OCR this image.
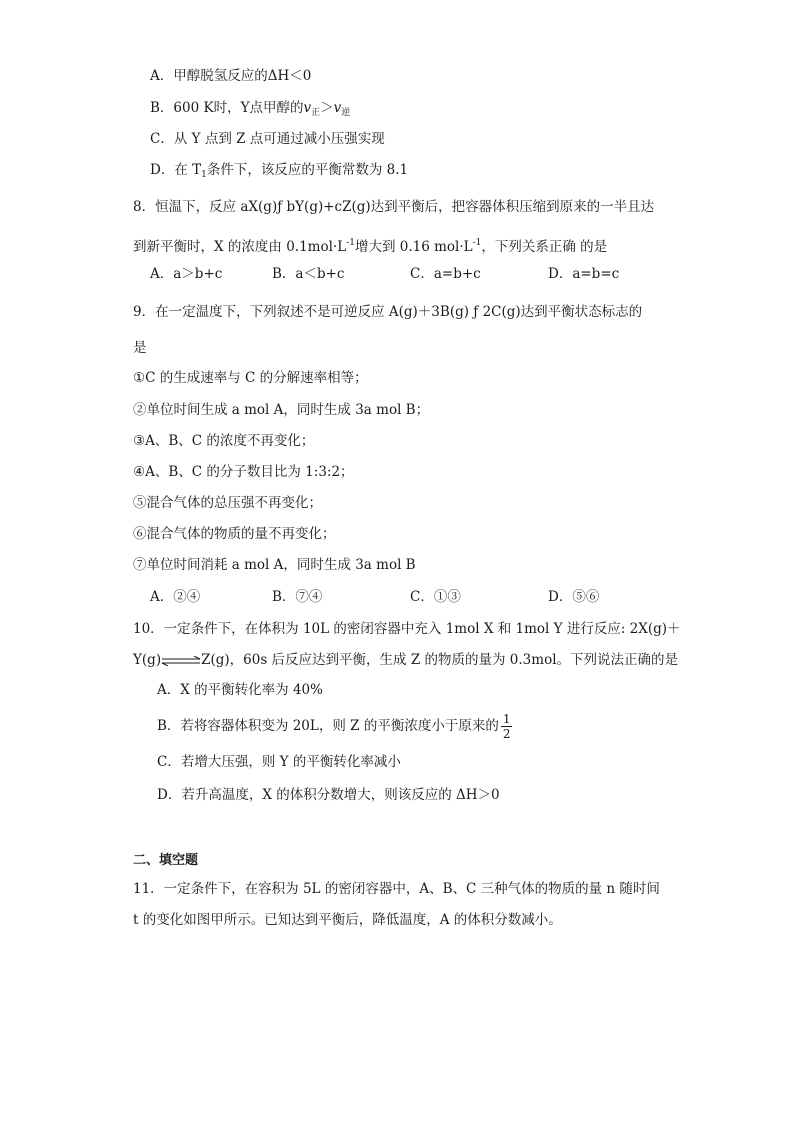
A．甲醇脱氢反应的ΔH＜0
B．600 K时，Y点甲醇的$v_正>v_逆$
C．从 Y 点到 Z 点可通过减小压强实现
D．在 $T_1$条件下，该反应的平衡常数为 8.1
8．恒温下，反应 aX(g)ƒ bY(g)+cZ(g)达到平衡后，把容器体积压缩到原来的一半且达
到新平衡时，X 的浓度由 $0.1mol\cdot L^{-1}$增大到 0.16 $mol\cdot L^{-1}$，下列关系正确 的是
A．a＞b+c	B．a＜b+c	C．a=b+c	D．a=b=c
9．在一定温度下，下列叙述不是可逆反应 A(g)＋3B(g) ƒ 2C(g)达到平衡状态标志的
是
①C 的生成速率与 C 的分解速率相等；
②单位时间生成 a mol A，同时生成 3a mol B；
③A、B、C 的浓度不再变化；
④A、B、C 的分子数目比为 1:3:2；
⑤混合气体的总压强不再变化；
⑥混合气体的物质的量不再变化；
⑦单位时间消耗 a mol A，同时生成 3a mol B
A．②④	B．⑦④	C．①③	D．⑤⑥
10．一定条件下，在体积为 10L 的密闭容器中充入 1mol X 和 1mol Y 进行反应: 2X(g)＋
Y(g)⇌Z(g)，60s 后反应达到平衡，生成 Z 的物质的量为 0.3mol。下列说法正确的是
A．X 的平衡转化率为 40%
B．若将容器体积变为 20L，则 Z 的平衡浓度小于原来的 $\frac{1}{2}$
C．若增大压强，则 Y 的平衡转化率减小
D．若升高温度，X 的体积分数增大，则该反应的 ΔH＞0
二、填空题
11．一定条件下，在容积为 5L 的密闭容器中，A、B、C 三种气体的物质的量 n 随时间
t 的变化如图甲所示。已知达到平衡后，降低温度，A 的体积分数减小。
